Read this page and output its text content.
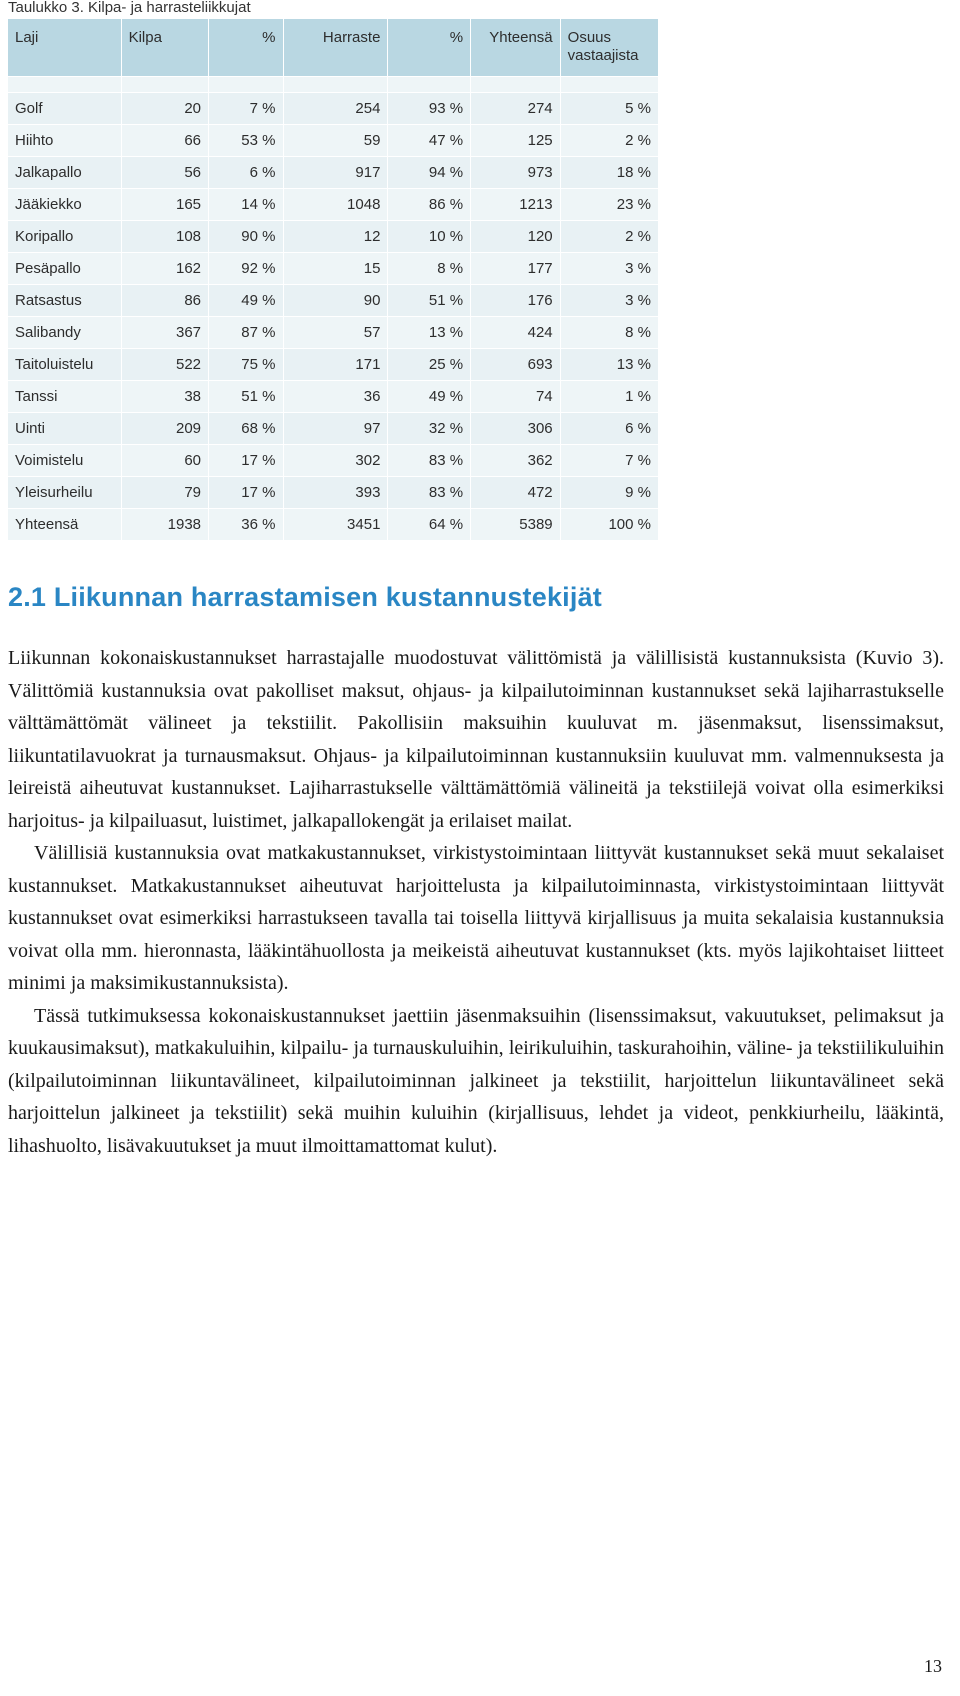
Taulukko 3. Kilpa- ja harrasteliikkujat
Laji	Kilpa	%	Harraste	%	Yhteensä	Osuus vastaajista

Golf	20	7 %	254	93 %	274	5 %
Hiihto	66	53 %	59	47 %	125	2 %
Jalkapallo	56	6 %	917	94 %	973	18 %
Jääkiekko	165	14 %	1048	86 %	1213	23 %
Koripallo	108	90 %	12	10 %	120	2 %
Pesäpallo	162	92 %	15	8 %	177	3 %
Ratsastus	86	49 %	90	51 %	176	3 %
Salibandy	367	87 %	57	13 %	424	8 %
Taitoluistelu	522	75 %	171	25 %	693	13 %
Tanssi	38	51 %	36	49 %	74	1 %
Uinti	209	68 %	97	32 %	306	6 %
Voimistelu	60	17 %	302	83 %	362	7 %
Yleisurheilu	79	17 %	393	83 %	472	9 %
Yhteensä	1938	36 %	3451	64 %	5389	100 %
2.1 Liikunnan harrastamisen kustannustekijät

Liikunnan kokonaiskustannukset harrastajalle muodostuvat välittömistä ja välillisistä kustannuksista (Kuvio 3). Välittömiä kustannuksia ovat pakolliset maksut, ohjaus- ja kilpailutoiminnan kustannukset sekä lajiharrastukselle välttämättömät välineet ja tekstiilit. Pakollisiin maksuihin kuuluvat m. jäsenmaksut, lisenssimaksut, liikuntatilavuokrat ja turnausmaksut. Ohjaus- ja kilpailutoiminnan kustannuksiin kuuluvat mm. valmennuksesta ja leireistä aiheutuvat kustannukset. Lajiharrastukselle välttämättömiä välineitä ja tekstiilejä voivat olla esimerkiksi harjoitus- ja kilpailuasut, luistimet, jalkapallokengät ja erilaiset mailat.

Välillisiä kustannuksia ovat matkakustannukset, virkistystoimintaan liittyvät kustannukset sekä muut sekalaiset kustannukset. Matkakustannukset aiheutuvat harjoittelusta ja kilpailutoiminnasta, virkistystoimintaan liittyvät kustannukset ovat esimerkiksi harrastukseen tavalla tai toisella liittyvä kirjallisuus ja muita sekalaisia kustannuksia voivat olla mm. hieronnasta, lääkintähuollosta ja meikeistä aiheutuvat kustannukset (kts. myös lajikohtaiset liitteet minimi ja maksimikustannuksista).

Tässä tutkimuksessa kokonaiskustannukset jaettiin jäsenmaksuihin (lisenssimaksut, vakuutukset, pelimaksut ja kuukausimaksut), matkakuluihin, kilpailu- ja turnauskuluihin, leirikuluihin, taskurahoihin, väline- ja tekstiilikuluihin (kilpailutoiminnan liikuntavälineet, kilpailutoiminnan jalkineet ja tekstiilit, harjoittelun liikuntavälineet sekä harjoittelun jalkineet ja tekstiilit) sekä muihin kuluihin (kirjallisuus, lehdet ja videot, penkkiurheilu, lääkintä, lihashuolto, lisävakuutukset ja muut ilmoittamattomat kulut).

13
